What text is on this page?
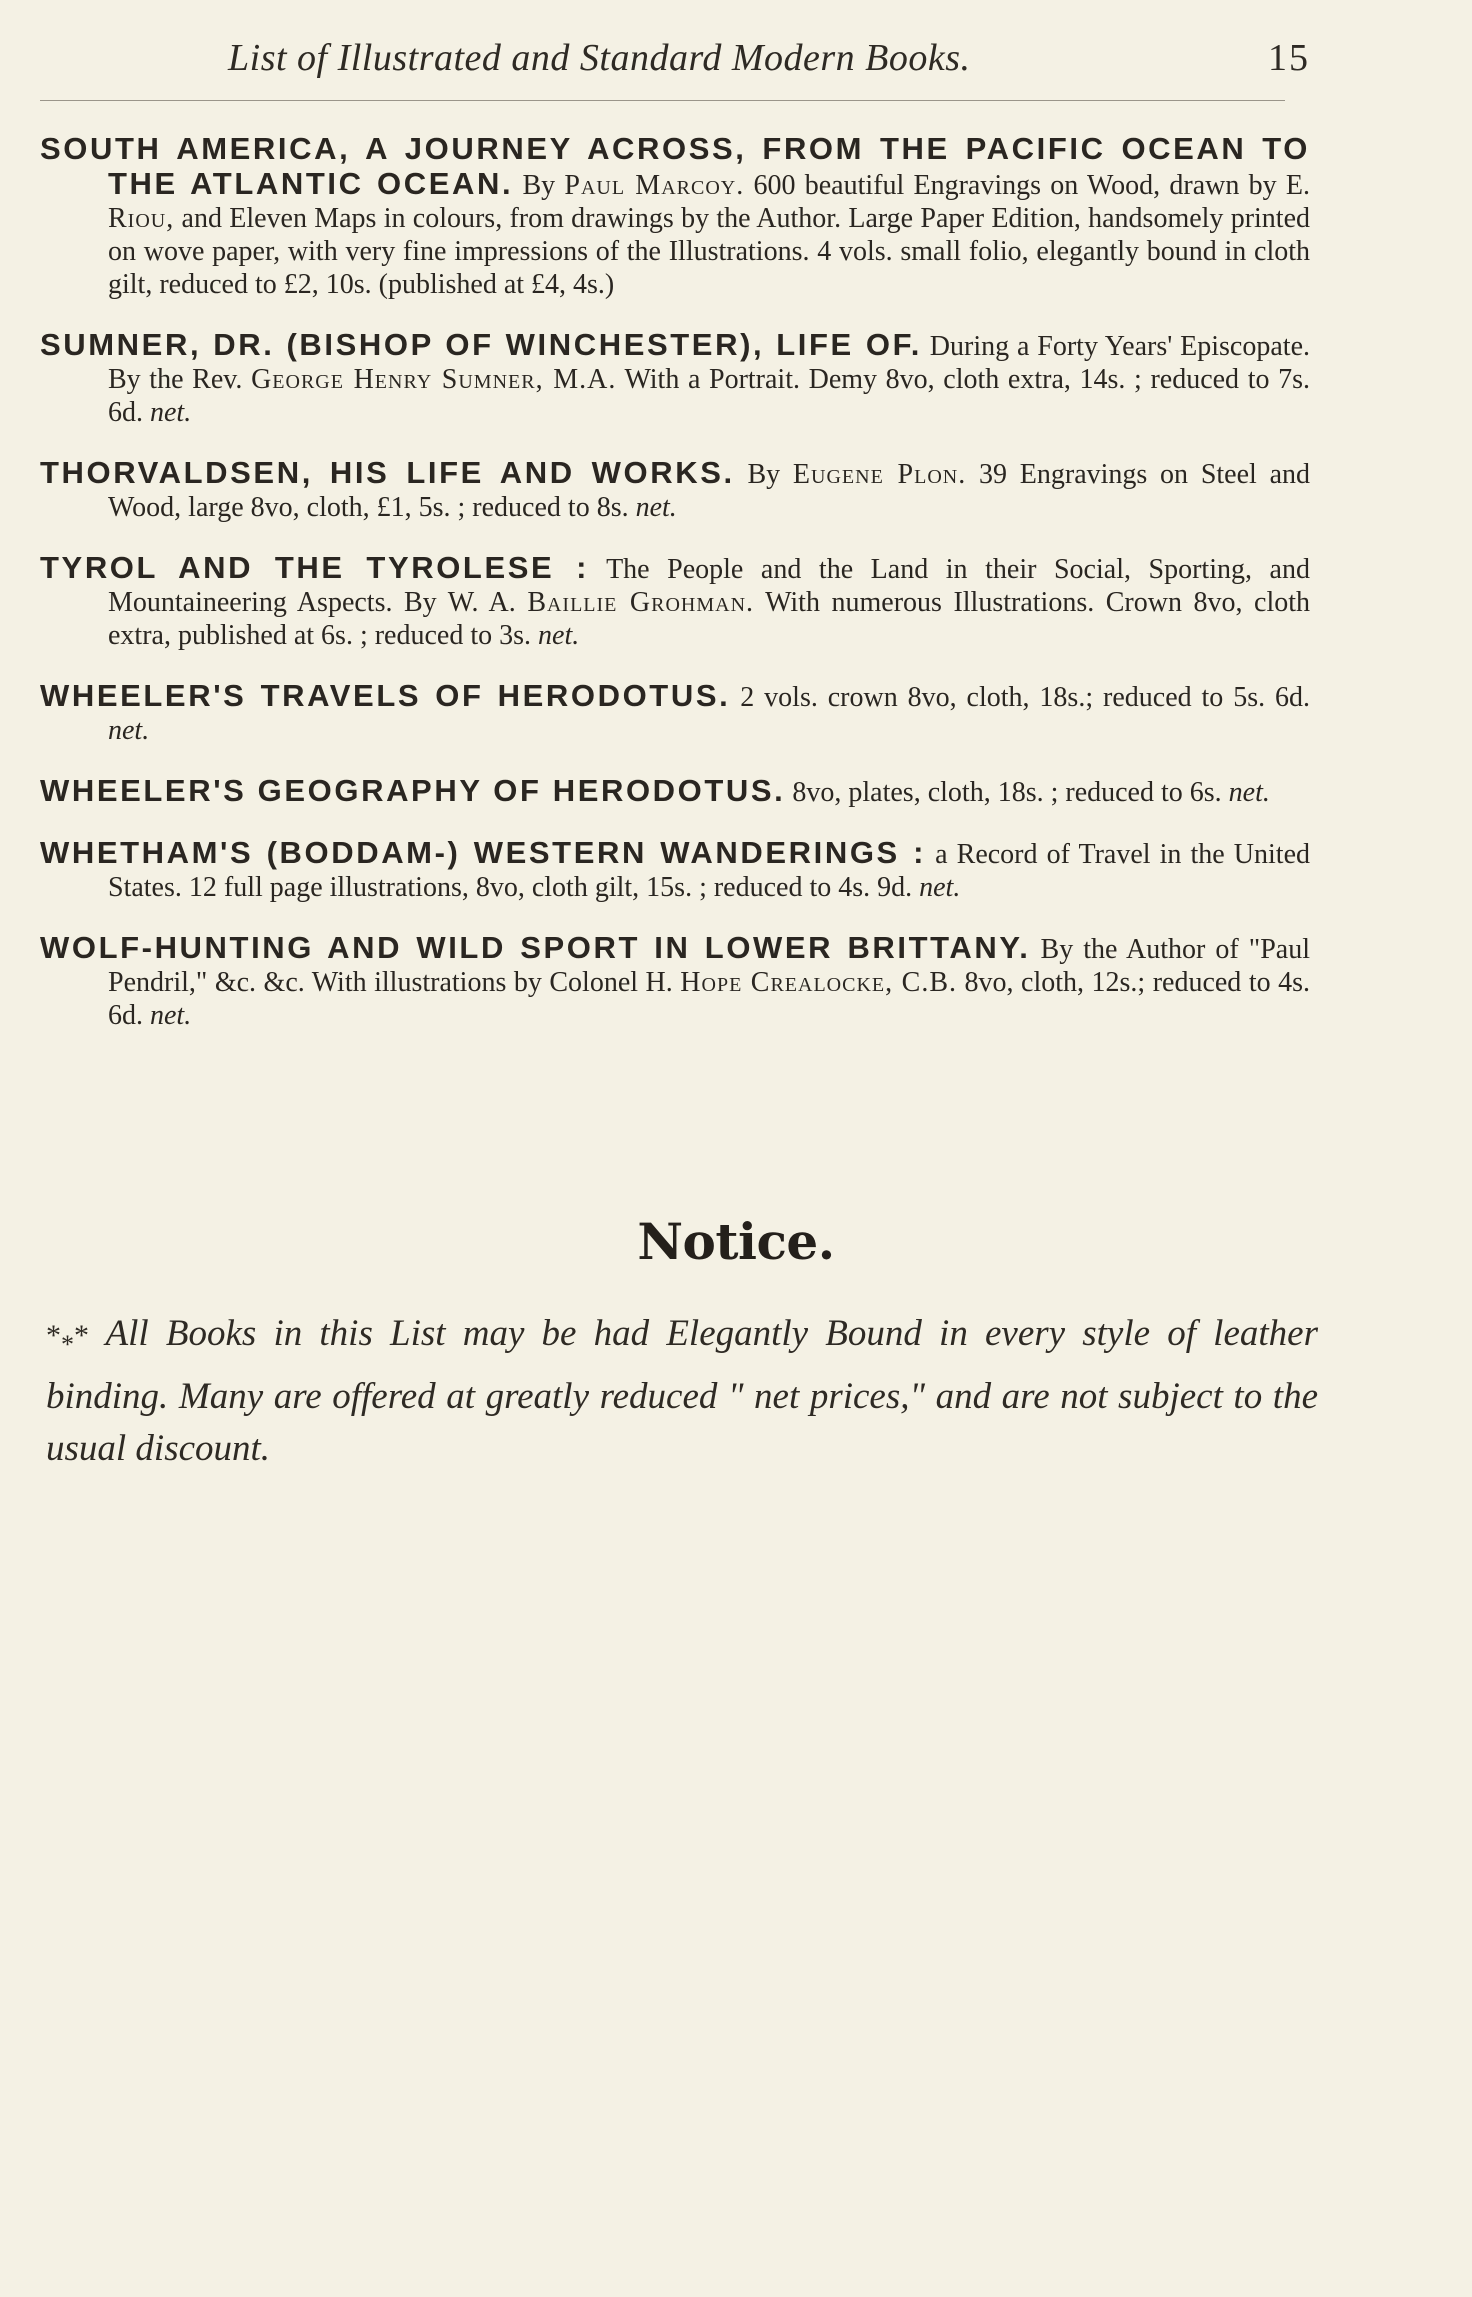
List of Illustrated and Standard Modern Books.	15

SOUTH AMERICA, A JOURNEY ACROSS, FROM THE PACIFIC OCEAN TO THE ATLANTIC OCEAN. By Paul Marcoy. 600 beautiful Engravings on Wood, drawn by E. Riou, and Eleven Maps in colours, from drawings by the Author. Large Paper Edition, handsomely printed on wove paper, with very fine impressions of the Illustrations. 4 vols. small folio, elegantly bound in cloth gilt, reduced to £2, 10s. (published at £4, 4s.)

SUMNER, DR. (BISHOP OF WINCHESTER), LIFE OF. During a Forty Years' Episcopate. By the Rev. George Henry Sumner, M.A. With a Portrait. Demy 8vo, cloth extra, 14s. ; reduced to 7s. 6d. net.

THORVALDSEN, HIS LIFE AND WORKS. By Eugene Plon. 39 Engravings on Steel and Wood, large 8vo, cloth, £1, 5s. ; reduced to 8s. net.

TYROL AND THE TYROLESE : The People and the Land in their Social, Sporting, and Mountaineering Aspects. By W. A. Baillie Grohman. With numerous Illustrations. Crown 8vo, cloth extra, published at 6s. ; reduced to 3s. net.

WHEELER'S TRAVELS OF HERODOTUS. 2 vols. crown 8vo, cloth, 18s.; reduced to 5s. 6d. net.

WHEELER'S GEOGRAPHY OF HERODOTUS. 8vo, plates, cloth, 18s. ; reduced to 6s. net.

WHETHAM'S (BODDAM-) WESTERN WANDERINGS : a Record of Travel in the United States. 12 full page illustrations, 8vo, cloth gilt, 15s. ; reduced to 4s. 9d. net.

WOLF-HUNTING AND WILD SPORT IN LOWER BRITTANY. By the Author of "Paul Pendril," &c. &c. With illustrations by Colonel H. Hope Crealocke, C.B. 8vo, cloth, 12s.; reduced to 4s. 6d. net.

Notice.

$*_**$ All Books in this List may be had Elegantly Bound in every style of leather binding. Many are offered at greatly reduced " net prices," and are not subject to the usual discount.
